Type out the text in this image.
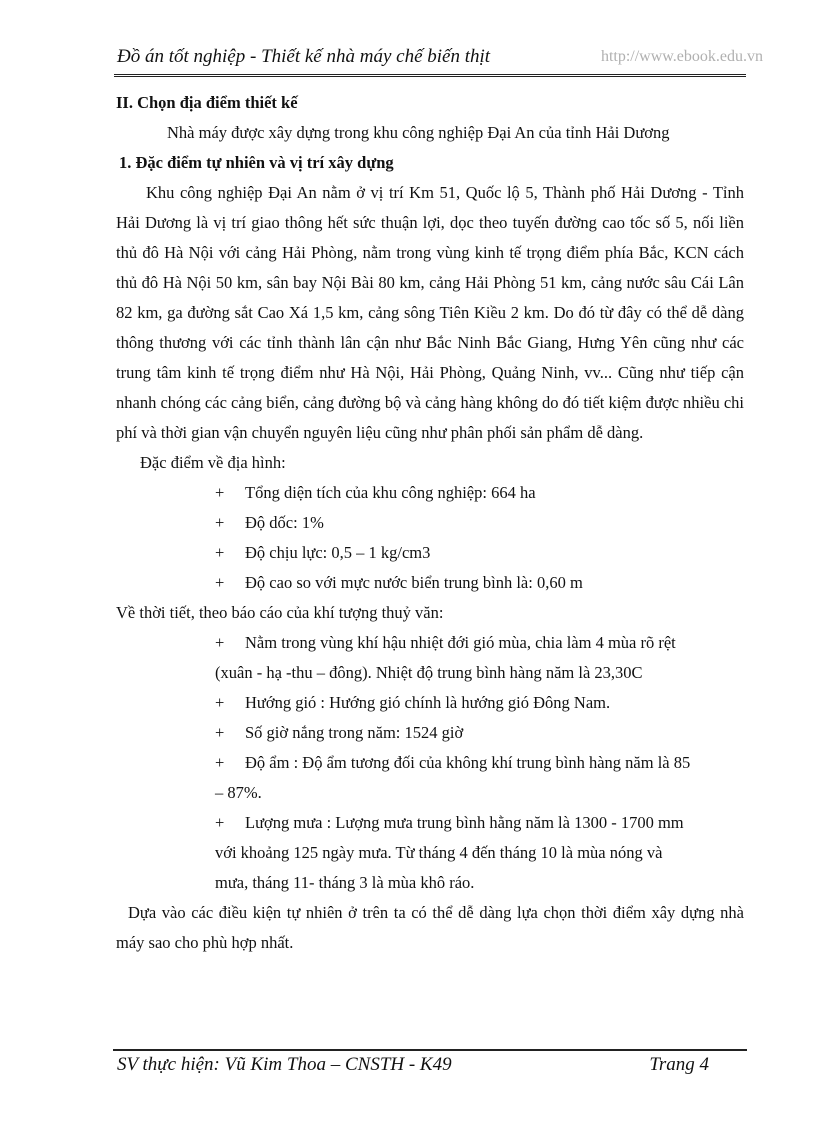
Đồ án tốt nghiệp - Thiết kế nhà máy chế biến thịt	http://www.ebook.edu.vn

II. Chọn địa điểm thiết kế

Nhà máy được xây dựng trong khu công nghiệp Đại An của tỉnh Hải Dương

1. Đặc điểm tự nhiên và vị trí xây dựng

Khu công nghiệp Đại An nằm ở vị trí Km 51, Quốc lộ 5, Thành phố Hải Dương - Tỉnh Hải Dương là vị trí giao thông hết sức thuận lợi, dọc theo tuyến đường cao tốc số 5, nối liền thủ đô Hà Nội với cảng Hải Phòng, nằm trong vùng kinh tế trọng điểm phía Bắc, KCN cách thủ đô Hà Nội 50 km, sân bay Nội Bài 80 km, cảng Hải Phòng 51 km, cảng nước sâu Cái Lân 82 km, ga đường sắt Cao Xá 1,5 km, cảng sông Tiên Kiều 2 km. Do đó từ đây có thể dễ dàng thông thương với các tỉnh thành lân cận như Bắc Ninh Bắc Giang, Hưng Yên cũng như các trung tâm kinh tế trọng điểm như Hà Nội, Hải Phòng, Quảng Ninh, vv... Cũng như tiếp cận nhanh chóng các cảng biển, cảng đường bộ và cảng hàng không do đó tiết kiệm được nhiều chi phí và thời gian vận chuyển nguyên liệu cũng như phân phối sản phẩm dễ dàng.

Đặc điểm về địa hình:

+ Tổng diện tích của khu công nghiệp: 664 ha

+ Độ dốc: 1%

+ Độ chịu lực: 0,5 – 1 kg/cm3

+ Độ cao so với mực nước biển trung bình là: 0,60 m

Về thời tiết, theo báo cáo của khí tượng thuỷ văn:

+ Nằm trong vùng khí hậu nhiệt đới gió mùa, chia làm 4 mùa rõ rệt

(xuân - hạ -thu – đông). Nhiệt độ trung bình hàng năm là 23,30C

+ Hướng gió : Hướng gió chính là hướng gió Đông Nam.

+ Số giờ nắng trong năm: 1524 giờ

+ Độ ẩm : Độ ẩm tương đối của không khí trung bình hàng năm là 85

– 87%.

+ Lượng mưa : Lượng mưa trung bình hằng năm là 1300 - 1700 mm

với khoảng 125 ngày mưa. Từ tháng 4 đến tháng 10 là mùa nóng và

mưa, tháng 11- tháng 3 là mùa khô ráo.

Dựa vào các điều kiện tự nhiên ở trên ta có thể dễ dàng lựa chọn thời điểm xây dựng nhà máy sao cho phù hợp nhất.

SV thực hiện: Vũ Kim Thoa – CNSTH - K49	Trang 4
